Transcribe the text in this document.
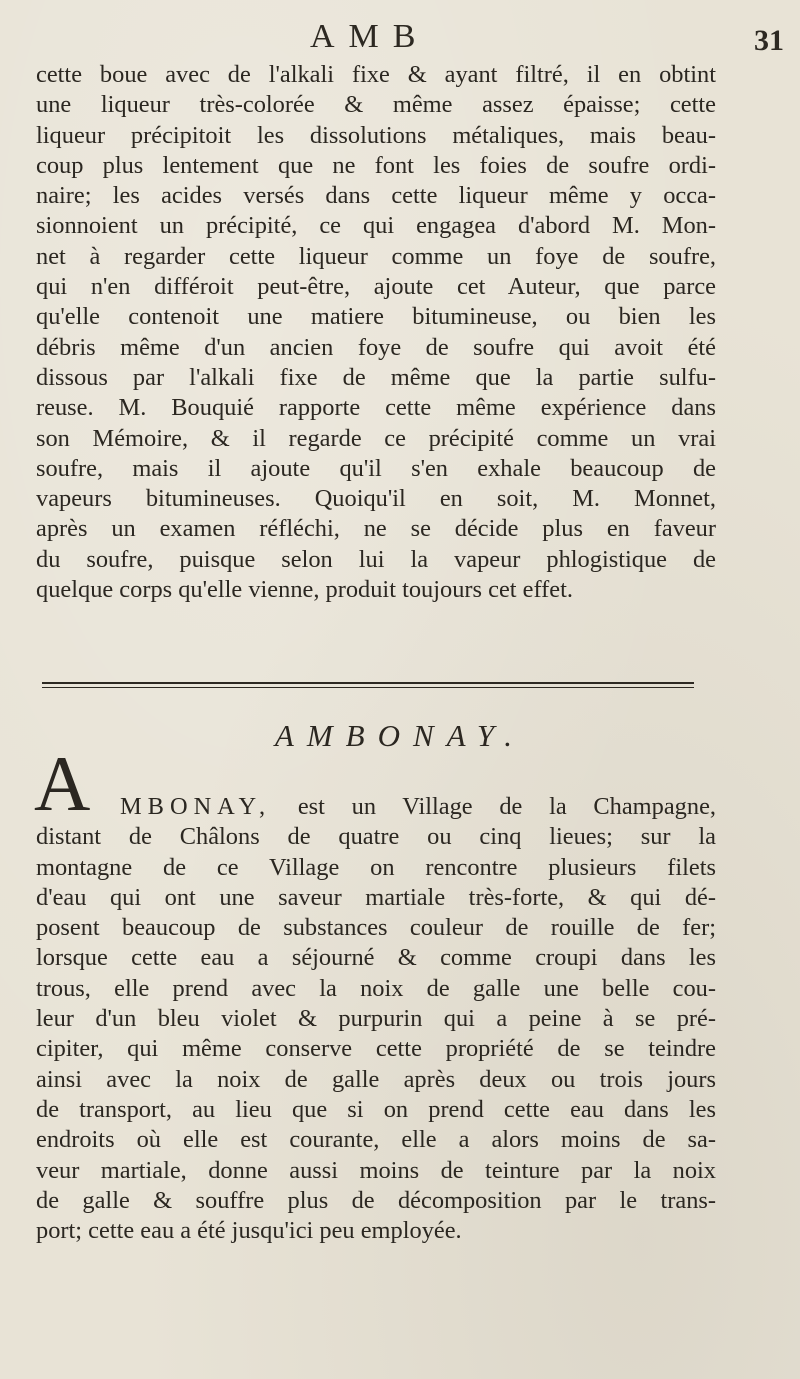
AMB	31
cette boue avec de l'alkali fixe & ayant filtré, il en obtint
une liqueur très-colorée & même assez épaisse; cette
liqueur précipitoit les dissolutions métaliques, mais beau-
coup plus lentement que ne font les foies de soufre ordi-
naire; les acides versés dans cette liqueur même y occa-
sionnoient un précipité, ce qui engagea d'abord M. Mon-
net à regarder cette liqueur comme un foye de soufre,
qui n'en différoit peut-être, ajoute cet Auteur, que parce
qu'elle contenoit une matiere bitumineuse, ou bien les
débris même d'un ancien foye de soufre qui avoit été
dissous par l'alkali fixe de même que la partie sulfu-
reuse. M. Bouquié rapporte cette même expérience dans
son Mémoire, & il regarde ce précipité comme un vrai
soufre, mais il ajoute qu'il s'en exhale beaucoup de
vapeurs bitumineuses. Quoiqu'il en soit, M. Monnet,
après un examen réfléchi, ne se décide plus en faveur
du soufre, puisque selon lui la vapeur phlogistique de
quelque corps qu'elle vienne, produit toujours cet effet.
AMBONAY.
A	MBONAY, est un Village de la Champagne,
distant de Châlons de quatre ou cinq lieues; sur la
montagne de ce Village on rencontre plusieurs filets
d'eau qui ont une saveur martiale très-forte, & qui dé-
posent beaucoup de substances couleur de rouille de fer;
lorsque cette eau a séjourné & comme croupi dans les
trous, elle prend avec la noix de galle une belle cou-
leur d'un bleu violet & purpurin qui a peine à se pré-
cipiter, qui même conserve cette propriété de se teindre
ainsi avec la noix de galle après deux ou trois jours
de transport, au lieu que si on prend cette eau dans les
endroits où elle est courante, elle a alors moins de sa-
veur martiale, donne aussi moins de teinture par la noix
de galle & souffre plus de décomposition par le trans-
port; cette eau a été jusqu'ici peu employée.
